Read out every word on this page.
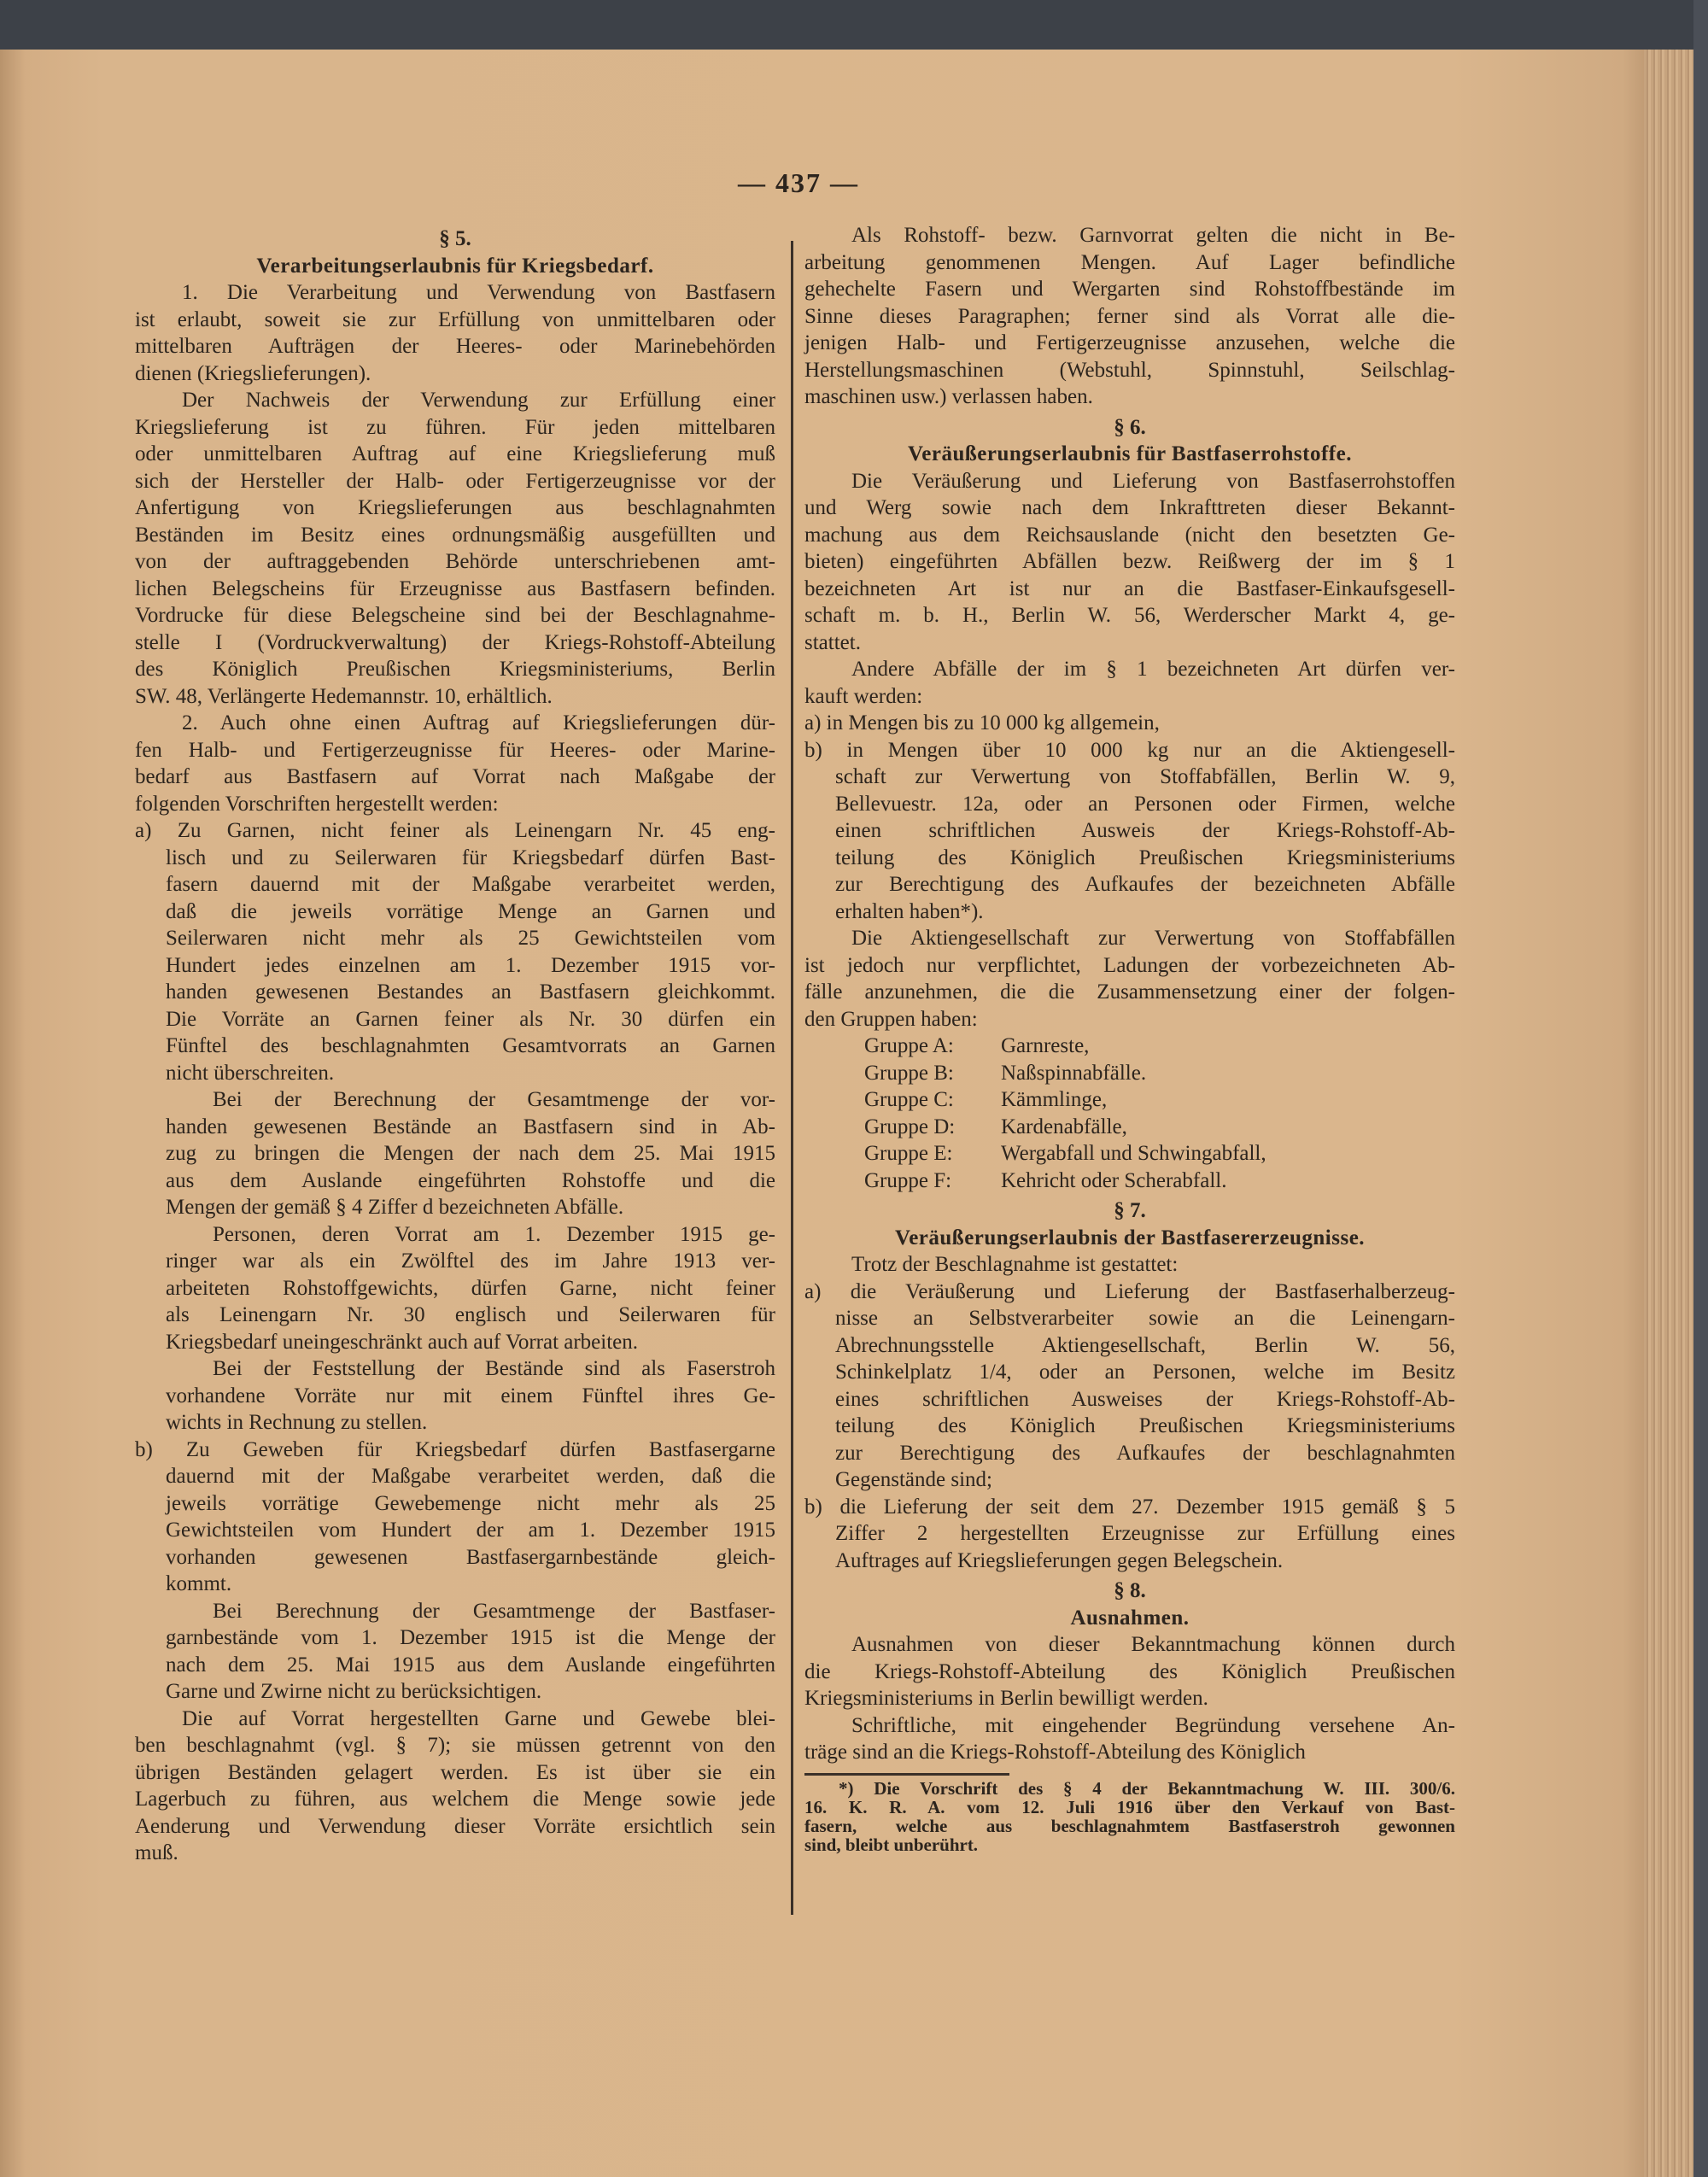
— 437 —
§ 5.
Verarbeitungserlaubnis für Kriegsbedarf.
1. Die Verarbeitung und Verwendung von Bastfasern
ist erlaubt, soweit sie zur Erfüllung von unmittelbaren oder
mittelbaren Aufträgen der Heeres- oder Marinebehörden
dienen (Kriegslieferungen).
Der Nachweis der Verwendung zur Erfüllung einer
Kriegslieferung ist zu führen. Für jeden mittelbaren
oder unmittelbaren Auftrag auf eine Kriegslieferung muß
sich der Hersteller der Halb- oder Fertigerzeugnisse vor der
Anfertigung von Kriegslieferungen aus beschlagnahmten
Beständen im Besitz eines ordnungsmäßig ausgefüllten und
von der auftraggebenden Behörde unterschriebenen amt-
lichen Belegscheins für Erzeugnisse aus Bastfasern befinden.
Vordrucke für diese Belegscheine sind bei der Beschlagnahme-
stelle I (Vordruckverwaltung) der Kriegs-Rohstoff-Abteilung
des Königlich Preußischen Kriegsministeriums, Berlin
SW. 48, Verlängerte Hedemannstr. 10, erhältlich.
2. Auch ohne einen Auftrag auf Kriegslieferungen dür-
fen Halb- und Fertigerzeugnisse für Heeres- oder Marine-
bedarf aus Bastfasern auf Vorrat nach Maßgabe der
folgenden Vorschriften hergestellt werden:
a) Zu Garnen, nicht feiner als Leinengarn Nr. 45 eng-
lisch und zu Seilerwaren für Kriegsbedarf dürfen Bast-
fasern dauernd mit der Maßgabe verarbeitet werden,
daß die jeweils vorrätige Menge an Garnen und
Seilerwaren nicht mehr als 25 Gewichtsteilen vom
Hundert jedes einzelnen am 1. Dezember 1915 vor-
handen gewesenen Bestandes an Bastfasern gleichkommt.
Die Vorräte an Garnen feiner als Nr. 30 dürfen ein
Fünftel des beschlagnahmten Gesamtvorrats an Garnen
nicht überschreiten.
Bei der Berechnung der Gesamtmenge der vor-
handen gewesenen Bestände an Bastfasern sind in Ab-
zug zu bringen die Mengen der nach dem 25. Mai 1915
aus dem Auslande eingeführten Rohstoffe und die
Mengen der gemäß § 4 Ziffer d bezeichneten Abfälle.
Personen, deren Vorrat am 1. Dezember 1915 ge-
ringer war als ein Zwölftel des im Jahre 1913 ver-
arbeiteten Rohstoffgewichts, dürfen Garne, nicht feiner
als Leinengarn Nr. 30 englisch und Seilerwaren für
Kriegsbedarf uneingeschränkt auch auf Vorrat arbeiten.
Bei der Feststellung der Bestände sind als Faserstroh
vorhandene Vorräte nur mit einem Fünftel ihres Ge-
wichts in Rechnung zu stellen.
b) Zu Geweben für Kriegsbedarf dürfen Bastfasergarne
dauernd mit der Maßgabe verarbeitet werden, daß die
jeweils vorrätige Gewebemenge nicht mehr als 25
Gewichtsteilen vom Hundert der am 1. Dezember 1915
vorhanden gewesenen Bastfasergarnbestände gleich-
kommt.
Bei Berechnung der Gesamtmenge der Bastfaser-
garnbestände vom 1. Dezember 1915 ist die Menge der
nach dem 25. Mai 1915 aus dem Auslande eingeführten
Garne und Zwirne nicht zu berücksichtigen.
Die auf Vorrat hergestellten Garne und Gewebe blei-
ben beschlagnahmt (vgl. § 7); sie müssen getrennt von den
übrigen Beständen gelagert werden. Es ist über sie ein
Lagerbuch zu führen, aus welchem die Menge sowie jede
Aenderung und Verwendung dieser Vorräte ersichtlich sein
muß.
Als Rohstoff- bezw. Garnvorrat gelten die nicht in Be-
arbeitung genommenen Mengen. Auf Lager befindliche
gehechelte Fasern und Wergarten sind Rohstoffbestände im
Sinne dieses Paragraphen; ferner sind als Vorrat alle die-
jenigen Halb- und Fertigerzeugnisse anzusehen, welche die
Herstellungsmaschinen (Webstuhl, Spinnstuhl, Seilschlag-
maschinen usw.) verlassen haben.
§ 6.
Veräußerungserlaubnis für Bastfaserrohstoffe.
Die Veräußerung und Lieferung von Bastfaserrohstoffen
und Werg sowie nach dem Inkrafttreten dieser Bekannt-
machung aus dem Reichsauslande (nicht den besetzten Ge-
bieten) eingeführten Abfällen bezw. Reißwerg der im § 1
bezeichneten Art ist nur an die Bastfaser-Einkaufsgesell-
schaft m. b. H., Berlin W. 56, Werderscher Markt 4, ge-
stattet.
Andere Abfälle der im § 1 bezeichneten Art dürfen ver-
kauft werden:
a) in Mengen bis zu 10 000 kg allgemein,
b) in Mengen über 10 000 kg nur an die Aktiengesell-
schaft zur Verwertung von Stoffabfällen, Berlin W. 9,
Bellevuestr. 12a, oder an Personen oder Firmen, welche
einen schriftlichen Ausweis der Kriegs-Rohstoff-Ab-
teilung des Königlich Preußischen Kriegsministeriums
zur Berechtigung des Aufkaufes der bezeichneten Abfälle
erhalten haben*).
Die Aktiengesellschaft zur Verwertung von Stoffabfällen
ist jedoch nur verpflichtet, Ladungen der vorbezeichneten Ab-
fälle anzunehmen, die die Zusammensetzung einer der folgen-
den Gruppen haben:
Gruppe A:	Garnreste,
Gruppe B:	Naßspinnabfälle.
Gruppe C:	Kämmlinge,
Gruppe D:	Kardenabfälle,
Gruppe E:	Wergabfall und Schwingabfall,
Gruppe F:	Kehricht oder Scherabfall.
§ 7.
Veräußerungserlaubnis der Bastfasererzeugnisse.
Trotz der Beschlagnahme ist gestattet:
a) die Veräußerung und Lieferung der Bastfaserhalberzeug-
nisse an Selbstverarbeiter sowie an die Leinengarn-
Abrechnungsstelle Aktiengesellschaft, Berlin W. 56,
Schinkelplatz 1/4, oder an Personen, welche im Besitz
eines schriftlichen Ausweises der Kriegs-Rohstoff-Ab-
teilung des Königlich Preußischen Kriegsministeriums
zur Berechtigung des Aufkaufes der beschlagnahmten
Gegenstände sind;
b) die Lieferung der seit dem 27. Dezember 1915 gemäß § 5
Ziffer 2 hergestellten Erzeugnisse zur Erfüllung eines
Auftrages auf Kriegslieferungen gegen Belegschein.
§ 8.
Ausnahmen.
Ausnahmen von dieser Bekanntmachung können durch
die Kriegs-Rohstoff-Abteilung des Königlich Preußischen
Kriegsministeriums in Berlin bewilligt werden.
Schriftliche, mit eingehender Begründung versehene An-
träge sind an die Kriegs-Rohstoff-Abteilung des Königlich
*) Die Vorschrift des § 4 der Bekanntmachung W. III. 300/6.
16. K. R. A. vom 12. Juli 1916 über den Verkauf von Bast-
fasern, welche aus beschlagnahmtem Bastfaserstroh gewonnen
sind, bleibt unberührt.
